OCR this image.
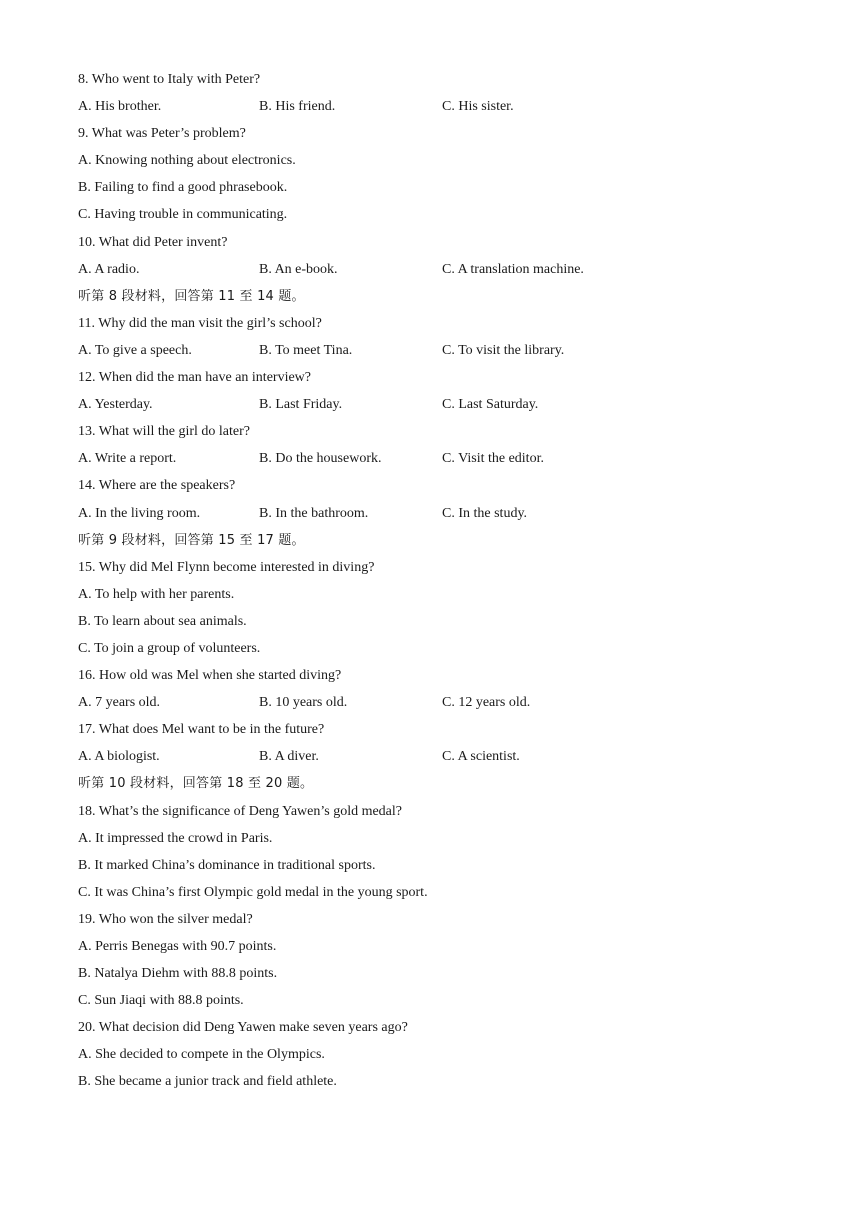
8. Who went to Italy with Peter?
A. His brother.	B. His friend.	C. His sister.
9. What was Peter’s problem?
A. Knowing nothing about electronics.
B. Failing to find a good phrasebook.
C. Having trouble in communicating.
10. What did Peter invent?
A. A radio.	B. An e-book.	C. A translation machine.
听第 8 段材料，回答第 11 至 14 题。
11. Why did the man visit the girl’s school?
A. To give a speech.	B. To meet Tina.	C. To visit the library.
12. When did the man have an interview?
A. Yesterday.	B. Last Friday.	C. Last Saturday.
13. What will the girl do later?
A. Write a report.	B. Do the housework.	C. Visit the editor.
14. Where are the speakers?
A. In the living room.	B. In the bathroom.	C. In the study.
听第 9 段材料，回答第 15 至 17 题。
15. Why did Mel Flynn become interested in diving?
A. To help with her parents.
B. To learn about sea animals.
C. To join a group of volunteers.
16. How old was Mel when she started diving?
A. 7 years old.	B. 10 years old.	C. 12 years old.
17. What does Mel want to be in the future?
A. A biologist.	B. A diver.	C. A scientist.
听第 10 段材料，回答第 18 至 20 题。
18. What’s the significance of Deng Yawen’s gold medal?
A. It impressed the crowd in Paris.
B. It marked China’s dominance in traditional sports.
C. It was China’s first Olympic gold medal in the young sport.
19. Who won the silver medal?
A. Perris Benegas with 90.7 points.
B. Natalya Diehm with 88.8 points.
C. Sun Jiaqi with 88.8 points.
20. What decision did Deng Yawen make seven years ago?
A. She decided to compete in the Olympics.
B. She became a junior track and field athlete.
